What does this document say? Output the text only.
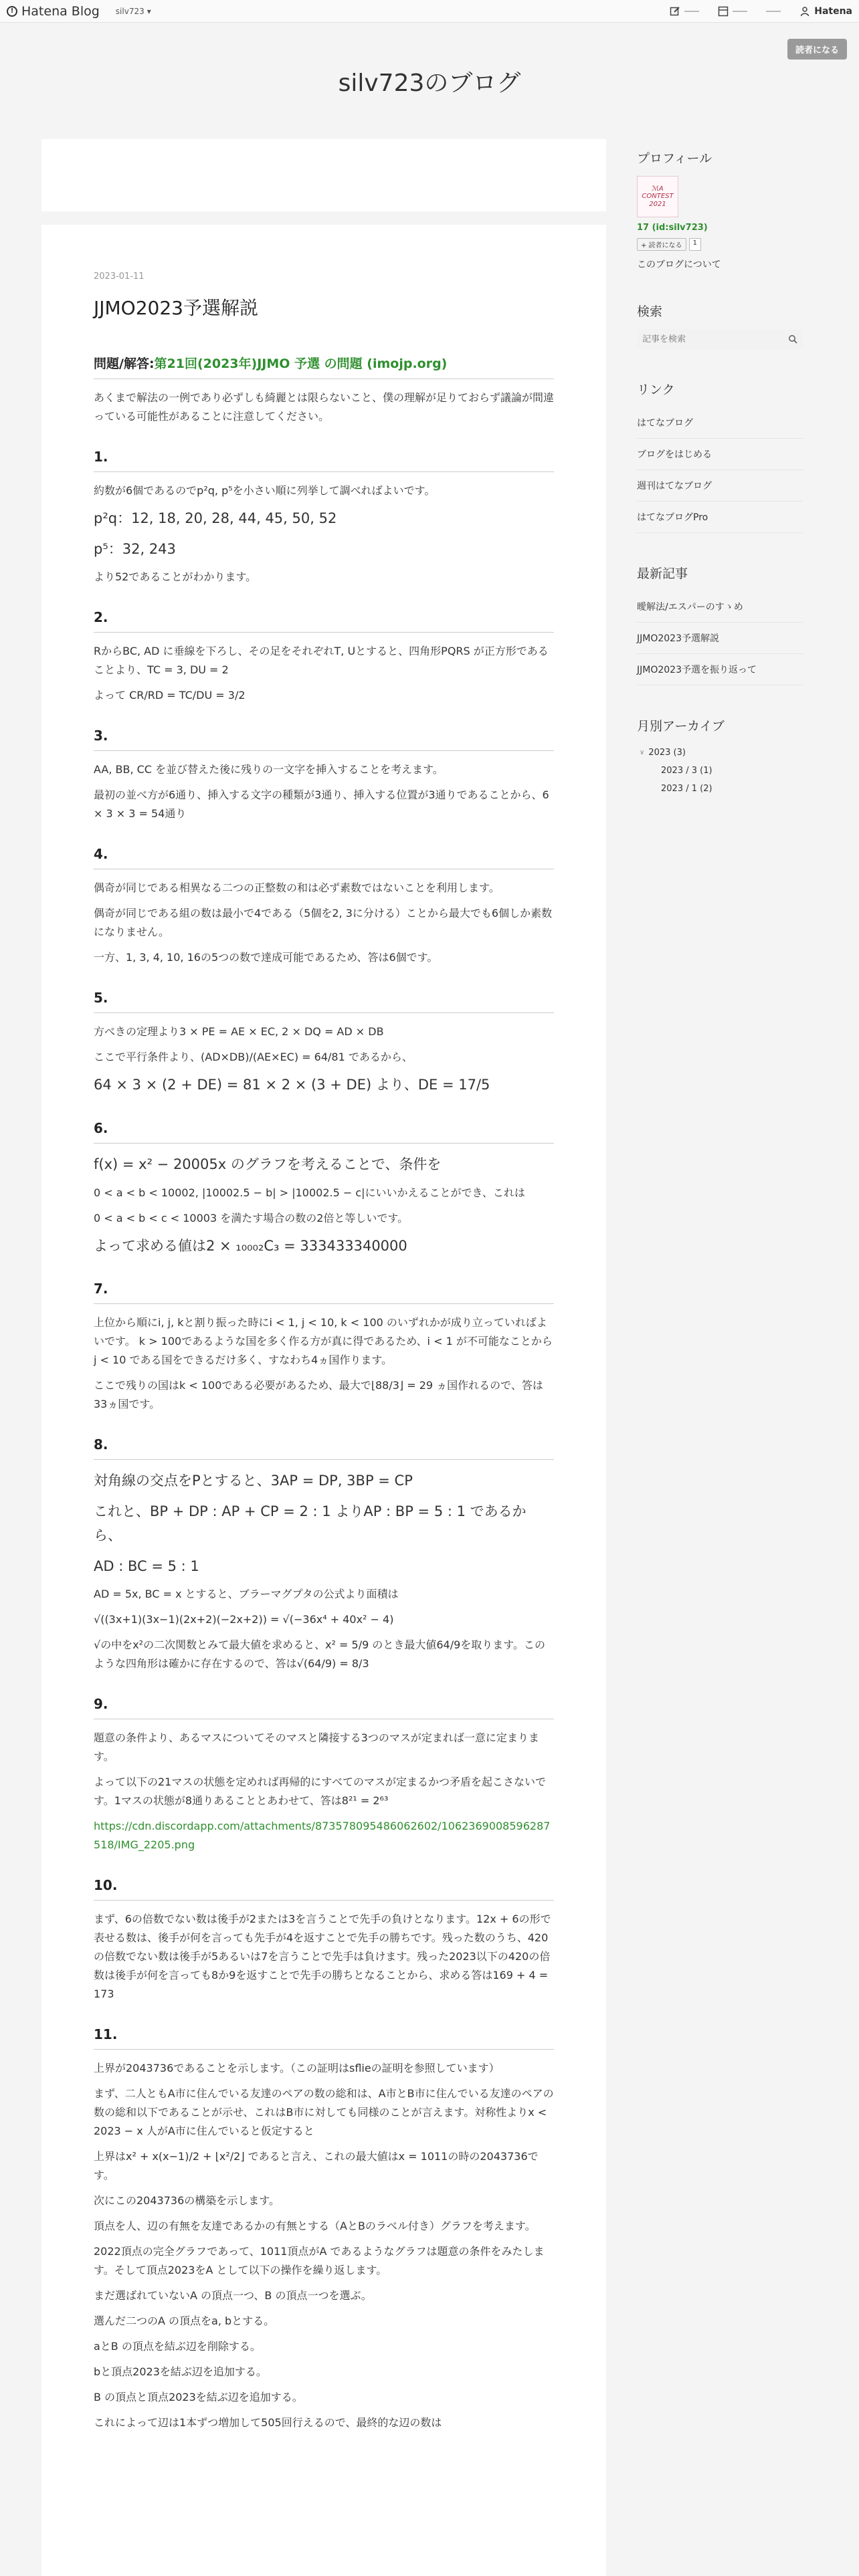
! Hatena Blog silv723 ▾	Hatena
読者になる
silv723のブログ
2023-01-11
JJMO2023予選解説
問題/解答:第21回(2023年)JJMO 予選 の問題 (imojp.org)

あくまで解法の一例であり必ずしも綺麗とは限らないこと、僕の理解が足りておらず議論が間違っている可能性があることに注意してください。

1.

約数が6個であるのでp²q, p⁵を小さい順に列挙して調べればよいです。

p²q：12, 18, 20, 28, 44, 45, 50, 52

p⁵：32, 243

より52であることがわかります。

2.

RからBC, AD に垂線を下ろし、その足をそれぞれT, Uとすると、四角形PQRS が正方形であることより、TC = 3, DU = 2

よって CR/RD = TC/DU = 3/2

3.

AA, BB, CC を並び替えた後に残りの一文字を挿入することを考えます。

最初の並べ方が6通り、挿入する文字の種類が3通り、挿入する位置が3通りであることから、6 × 3 × 3 = 54通り

4.

偶奇が同じである相異なる二つの正整数の和は必ず素数ではないことを利用します。

偶奇が同じである組の数は最小で4である（5個を2, 3に分ける）ことから最大でも6個しか素数になりません。

一方、1, 3, 4, 10, 16の5つの数で達成可能であるため、答は6個です。

5.

方べきの定理より3 × PE = AE × EC, 2 × DQ = AD × DB

ここで平行条件より、(AD×DB)/(AE×EC) = 64/81 であるから、

64 × 3 × (2 + DE) = 81 × 2 × (3 + DE) より、DE = 17/5

6.

f(x) = x² − 20005x のグラフを考えることで、条件を

0 < a < b < 10002, |10002.5 − b| > |10002.5 − c|にいいかえることができ、これは

0 < a < b < c < 10003 を満たす場合の数の2倍と等しいです。

よって求める値は2 × ₁₀₀₀₂C₃ = 333433340000

7.

上位から順にi, j, kと割り振った時にi < 1, j < 10, k < 100 のいずれかが成り立っていればよいです。 k > 100であるような国を多く作る方が真に得であるため、i < 1 が不可能なことからj < 10 である国をできるだけ多く、すなわち4ヵ国作ります。

ここで残りの国はk < 100である必要があるため、最大で⌊88/3⌋ = 29 ヵ国作れるので、答は33ヵ国です。

8.

対角線の交点をPとすると、3AP = DP, 3BP = CP

これと、BP + DP : AP + CP = 2 : 1 よりAP : BP = 5 : 1 であるから、

AD : BC = 5 : 1

AD = 5x, BC = x とすると、ブラーマグプタの公式より面積は

√((3x+1)(3x−1)(2x+2)(−2x+2)) = √(−36x⁴ + 40x² − 4)

√の中をx²の二次関数とみて最大値を求めると、x² = 5/9 のとき最大値64/9を取ります。このような四角形は確かに存在するので、答は√(64/9) = 8/3

9.

題意の条件より、あるマスについてそのマスと隣接する3つのマスが定まれば一意に定まります。

よって以下の21マスの状態を定めれば再帰的にすべてのマスが定まるかつ矛盾を起こさないです。1マスの状態が8通りあることとあわせて、答は8²¹ = 2⁶³

https://cdn.discordapp.com/attachments/873578095486062602/1062369008596287518/IMG_2205.png
10.

まず、6の倍数でない数は後手が2または3を言うことで先手の負けとなります。12x + 6の形で表せる数は、後手が何を言っても先手が4を返すことで先手の勝ちです。残った数のうち、420の倍数でない数は後手が5あるいは7を言うことで先手は負けます。残った2023以下の420の倍数は後手が何を言っても8か9を返すことで先手の勝ちとなることから、求める答は169 + 4 = 173

11.

上界が2043736であることを示します。（この証明はsflieの証明を参照しています）

まず、二人ともA市に住んでいる友達のペアの数の総和は、A市とB市に住んでいる友達のペアの数の総和以下であることが示せ、これはB市に対しても同様のことが言えます。対称性よりx < 2023 − x 人がA市に住んでいると仮定すると

上界はx² + x(x−1)/2 + ⌊x²/2⌋ であると言え、これの最大値はx = 1011の時の2043736です。

次にこの2043736の構築を示します。

頂点を人、辺の有無を友達であるかの有無とする（AとBのラベル付き）グラフを考えます。

2022頂点の完全グラフであって、1011頂点がA であるようなグラフは題意の条件をみたします。そして頂点2023をA として以下の操作を繰り返します。

まだ選ばれていないA の頂点一つ、B の頂点一つを選ぶ。

選んだ二つのA の頂点をa, bとする。

aとB の頂点を結ぶ辺を削除する。

bと頂点2023を結ぶ辺を追加する。

B の頂点と頂点2023を結ぶ辺を追加する。

これによって辺は1本ずつ増加して505回行えるので、最終的な辺の数は

プロフィール
ℳA
CONTEST
2021
17 (id:silv723)
+ 読者になる	1
このブログについて
検索
記事を検索
リンク
はてなブログ
ブログをはじめる
週刊はてなブログ
はてなブログPro
最新記事
曖解法/エスパーのすゝめ
JJMO2023予選解説
JJMO2023予選を振り返って
月別アーカイブ
∨ 2023 (3)
2023 / 3 (1)
2023 / 1 (2)
